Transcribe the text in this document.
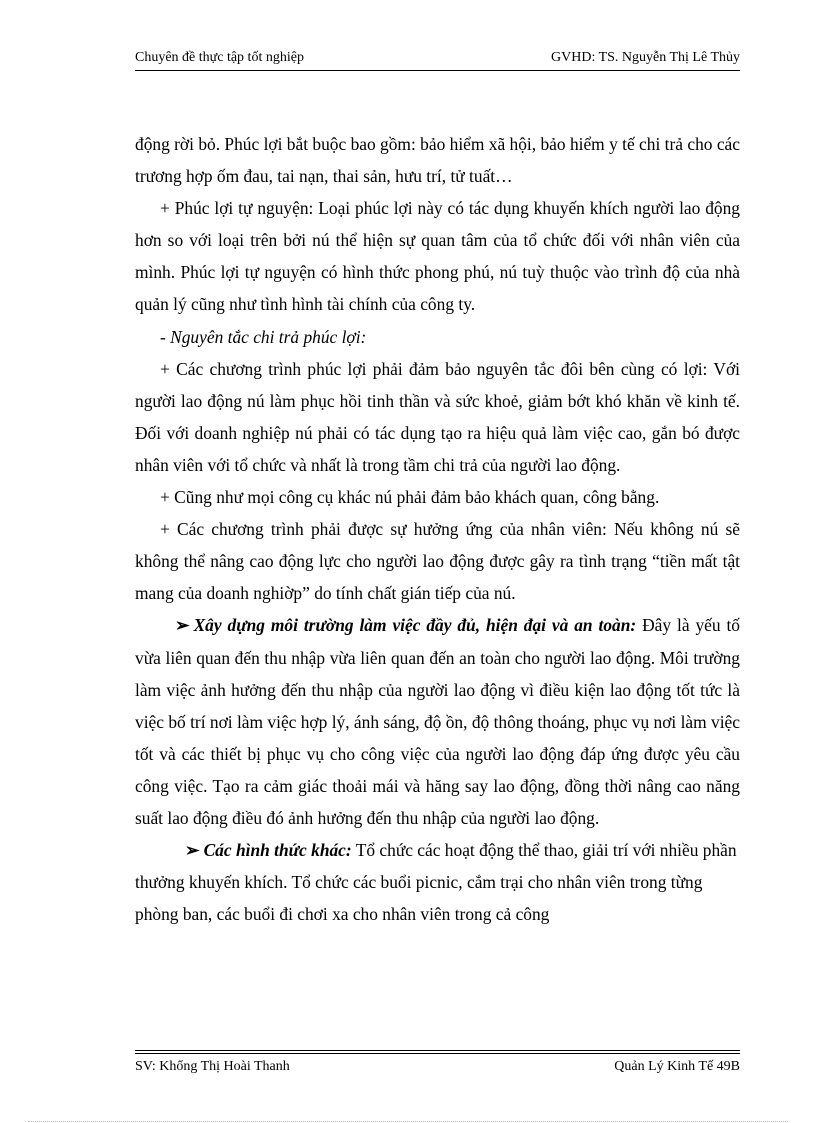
Chuyên đề thực tập tốt nghiệp	GVHD: TS. Nguyễn Thị Lê Thủy

động rời bỏ. Phúc lợi bắt buộc bao gồm: bảo hiểm xã hội, bảo hiểm y tế chi trả cho các trương hợp ốm đau, tai nạn, thai sản, hưu trí, tử tuất…

+ Phúc lợi tự nguyện: Loại phúc lợi này có tác dụng khuyến khích người lao động hơn so với loại trên bởi nú thể hiện sự quan tâm của tổ chức đối với nhân viên của mình. Phúc lợi tự nguyện có hình thức phong phú, nú tuỳ thuộc vào trình độ của nhà quản lý cũng như tình hình tài chính của công ty.

- Nguyên tắc chi trả phúc lợi:

+ Các chương trình phúc lợi phải đảm bảo nguyên tắc đôi bên cùng có lợi: Với người lao động nú làm phục hồi tinh thần và sức khoẻ, giảm bớt khó khăn về kinh tế. Đối với doanh nghiệp nú phải có tác dụng tạo ra hiệu quả làm việc cao, gắn bó được nhân viên với tổ chức và nhất là trong tầm chi trả của người lao động.

+ Cũng như mọi công cụ khác nú phải đảm bảo khách quan, công bằng.

+ Các chương trình phải được sự hưởng ứng của nhân viên: Nếu không nú sẽ không thể nâng cao động lực cho người lao động được gây ra tình trạng “tiền mất tật mang của doanh nghiờp” do tính chất gián tiếp của nú.

➢ Xây dựng môi trường làm việc đầy đủ, hiện đại và an toàn: Đây là yếu tố vừa liên quan đến thu nhập vừa liên quan đến an toàn cho người lao động. Môi trường làm việc ảnh hưởng đến thu nhập của người lao động vì điều kiện lao động tốt tức là việc bố trí nơi làm việc hợp lý, ánh sáng, độ ồn, độ thông thoáng, phục vụ nơi làm việc tốt và các thiết bị phục vụ cho công việc của người lao động đáp ứng được yêu cầu công việc. Tạo ra cảm giác thoải mái và hăng say lao động, đồng thời nâng cao năng suất lao động điều đó ảnh hưởng đến thu nhập của người lao động.

➢ Các hình thức khác: Tổ chức các hoạt động thể thao, giải trí với nhiều phần thưởng khuyến khích. Tổ chức các buổi picnic, cắm trại cho nhân viên trong từng phòng ban, các buổi đi chơi xa cho nhân viên trong cả công

SV: Khổng Thị Hoài Thanh	Quản Lý Kinh Tế 49B
